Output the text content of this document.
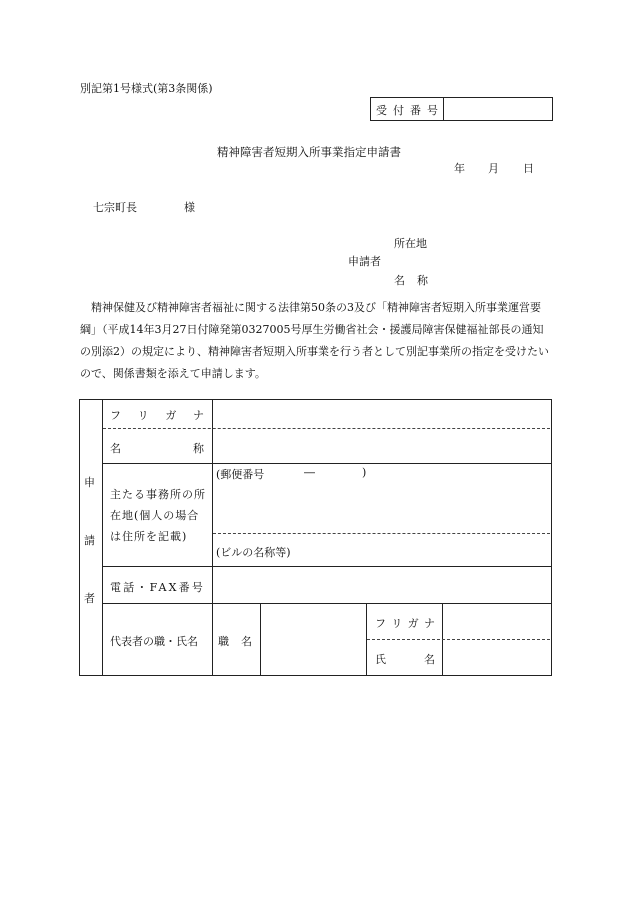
別記第1号様式(第3条関係)
受付番号
精神障害者短期入所事業指定申請書
年 月 日
七宗町長	様
所在地
申請者
名 称
　精神保健及び精神障害者福祉に関する法律第50条の3及び「精神障害者短期入所事業運営要綱」（平成14年3月27日付障発第0327005号厚生労働省社会・援護局障害保健福祉部長の通知の別添2）の規定により、精神障害者短期入所事業を行う者として別記事業所の指定を受けたいので、関係書類を添えて申請します。
申
請
者
フ リ ガ ナ
名	称
主たる事務所の所在地(個人の場合は住所を記載)
(郵便番号	―	)
(ビルの名称等)
電話・FAX番号
代表者の職・氏名 職 名
フ リ ガ ナ
氏	名
